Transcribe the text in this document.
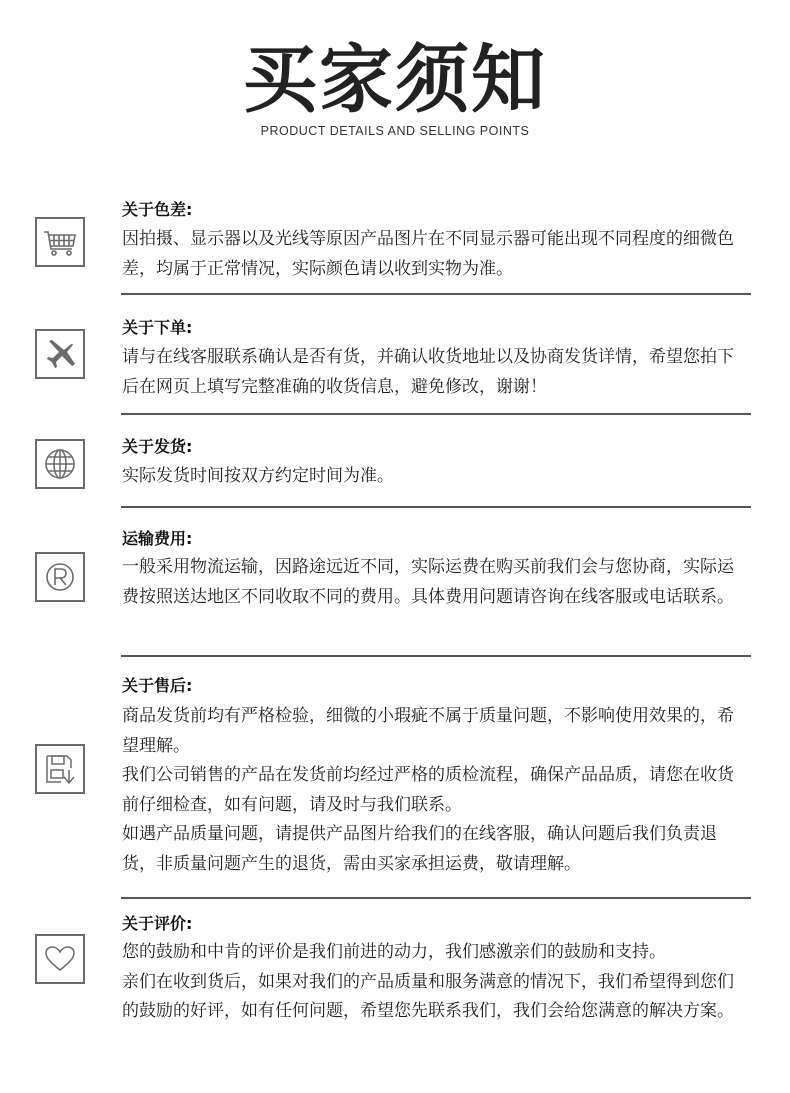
买家须知
PRODUCT DETAILS AND SELLING POINTS
关于色差:

因拍摄、显示器以及光线等原因产品图片在不同显示器可能出现不同程度的细微色差，均属于正常情况，实际颜色请以收到实物为准。

关于下单:

请与在线客服联系确认是否有货，并确认收货地址以及协商发货详情，希望您拍下后在网页上填写完整准确的收货信息，避免修改，谢谢！

关于发货:

实际发货时间按双方约定时间为准。

运输费用:

一般采用物流运输，因路途远近不同，实际运费在购买前我们会与您协商，实际运费按照送达地区不同收取不同的费用。具体费用问题请咨询在线客服或电话联系。

关于售后:

商品发货前均有严格检验，细微的小瑕疵不属于质量问题，不影响使用效果的，希望理解。

我们公司销售的产品在发货前均经过严格的质检流程，确保产品品质，请您在收货前仔细检查，如有问题，请及时与我们联系。

如遇产品质量问题，请提供产品图片给我们的在线客服，确认问题后我们负责退货，非质量问题产生的退货，需由买家承担运费，敬请理解。

关于评价:

您的鼓励和中肯的评价是我们前进的动力，我们感激亲们的鼓励和支持。

亲们在收到货后，如果对我们的产品质量和服务满意的情况下，我们希望得到您们的鼓励的好评，如有任何问题，希望您先联系我们，我们会给您满意的解决方案。
